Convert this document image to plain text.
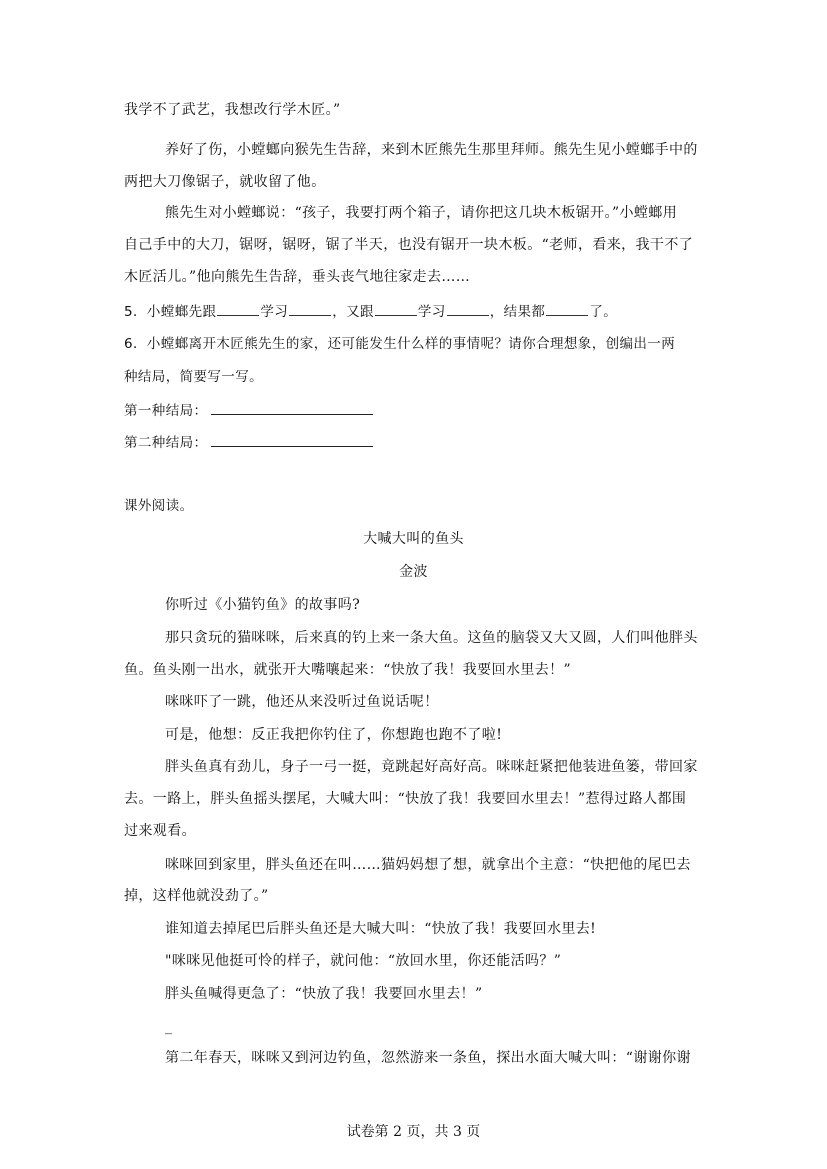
我学不了武艺，我想改行学木匠。”
养好了伤，小螳螂向猴先生告辞，来到木匠熊先生那里拜师。熊先生见小螳螂手中的
两把大刀像锯子，就收留了他。
熊先生对小螳螂说：“孩子，我要打两个箱子，请你把这几块木板锯开。”小螳螂用
自己手中的大刀，锯呀，锯呀，锯了半天，也没有锯开一块木板。“老师，看来，我干不了
木匠活儿。”他向熊先生告辞，垂头丧气地往家走去……
5．小螳螂先跟	学习	，又跟	学习	，结果都	了。
6．小螳螂离开木匠熊先生的家，还可能发生什么样的事情呢？请你合理想象，创编出一两
种结局，简要写一写。
第一种结局：
第二种结局：
课外阅读。
大喊大叫的鱼头
金波
你听过《小猫钓鱼》的故事吗?
那只贪玩的猫咪咪，后来真的钓上来一条大鱼。这鱼的脑袋又大又圆，人们叫他胖头
鱼。鱼头刚一出水，就张开大嘴嚷起来：“快放了我！我要回水里去！”
咪咪吓了一跳，他还从来没听过鱼说话呢！
可是，他想：反正我把你钓住了，你想跑也跑不了啦!
胖头鱼真有劲儿，身子一弓一挺，竟跳起好高好高。咪咪赶紧把他装进鱼篓，带回家
去。一路上，胖头鱼摇头摆尾，大喊大叫：“快放了我！我要回水里去！”惹得过路人都围
过来观看。
咪咪回到家里，胖头鱼还在叫……猫妈妈想了想，就拿出个主意：“快把他的尾巴去
掉，这样他就没劲了。”
谁知道去掉尾巴后胖头鱼还是大喊大叫：“快放了我！我要回水里去!
"咪咪见他挺可怜的样子，就问他：“放回水里，你还能活吗？”
胖头鱼喊得更急了：“快放了我！我要回水里去！”
_
第二年春天，咪咪又到河边钓鱼，忽然游来一条鱼，探出水面大喊大叫：“谢谢你谢
试卷第 2 页，共 3 页
